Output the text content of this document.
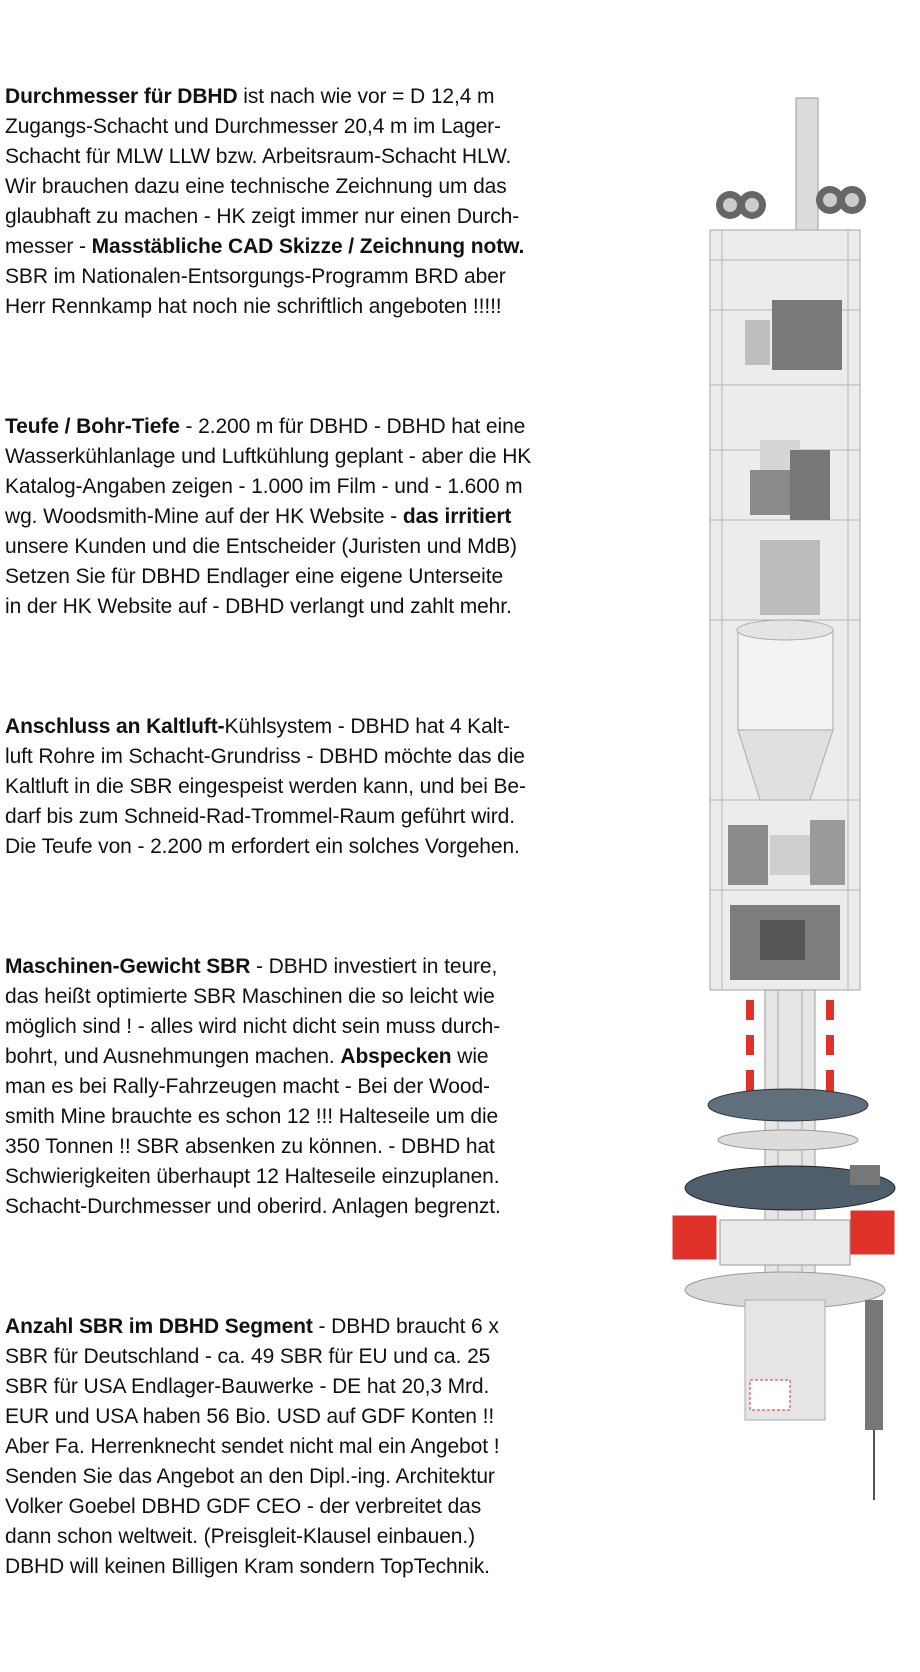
Durchmesser für DBHD ist nach wie vor = D 12,4 m
Zugangs-Schacht und Durchmesser 20,4 m im Lager-
Schacht für MLW LLW bzw. Arbeitsraum-Schacht HLW.
Wir brauchen dazu eine technische Zeichnung um das
glaubhaft zu machen - HK zeigt immer nur einen Durch-
messer - Masstäbliche CAD Skizze / Zeichnung notw.
SBR im Nationalen-Entsorgungs-Programm BRD aber
Herr Rennkamp hat noch nie schriftlich angeboten !!!!!
Teufe / Bohr-Tiefe - 2.200 m für DBHD - DBHD hat eine
Wasserkühlanlage und Luftkühlung geplant - aber die HK
Katalog-Angaben zeigen - 1.000 im Film - und - 1.600 m
wg. Woodsmith-Mine auf der HK Website - das irritiert
unsere Kunden und die Entscheider (Juristen und MdB)
Setzen Sie für DBHD Endlager eine eigene Unterseite
in der HK Website auf - DBHD verlangt und zahlt mehr.
Anschluss an Kaltluft-Kühlsystem - DBHD hat 4 Kalt-
luft Rohre im Schacht-Grundriss - DBHD möchte das die
Kaltluft in die SBR eingespeist werden kann, und bei Be-
darf bis zum Schneid-Rad-Trommel-Raum geführt wird.
Die Teufe von - 2.200 m erfordert ein solches Vorgehen.
Maschinen-Gewicht SBR - DBHD investiert in teure,
das heißt optimierte SBR Maschinen die so leicht wie
möglich sind ! - alles wird nicht dicht sein muss durch-
bohrt, und Ausnehmungen machen. Abspecken wie
man es bei Rally-Fahrzeugen macht - Bei der Wood-
smith Mine brauchte es schon 12 !!! Halteseile um die
350 Tonnen !! SBR absenken zu können. - DBHD hat
Schwierigkeiten überhaupt 12 Halteseile einzuplanen.
Schacht-Durchmesser und oberird. Anlagen begrenzt.
Anzahl SBR im DBHD Segment - DBHD braucht 6 x
SBR für Deutschland - ca. 49 SBR für EU und ca. 25
SBR für USA Endlager-Bauwerke - DE hat 20,3 Mrd.
EUR und USA haben 56 Bio. USD auf GDF Konten !!
Aber Fa. Herrenknecht sendet nicht mal ein Angebot !
Senden Sie das Angebot an den Dipl.-ing. Architektur
Volker Goebel DBHD GDF CEO - der verbreitet das
dann schon weltweit. (Preisgleit-Klausel einbauen.)
DBHD will keinen Billigen Kram sondern TopTechnik.
